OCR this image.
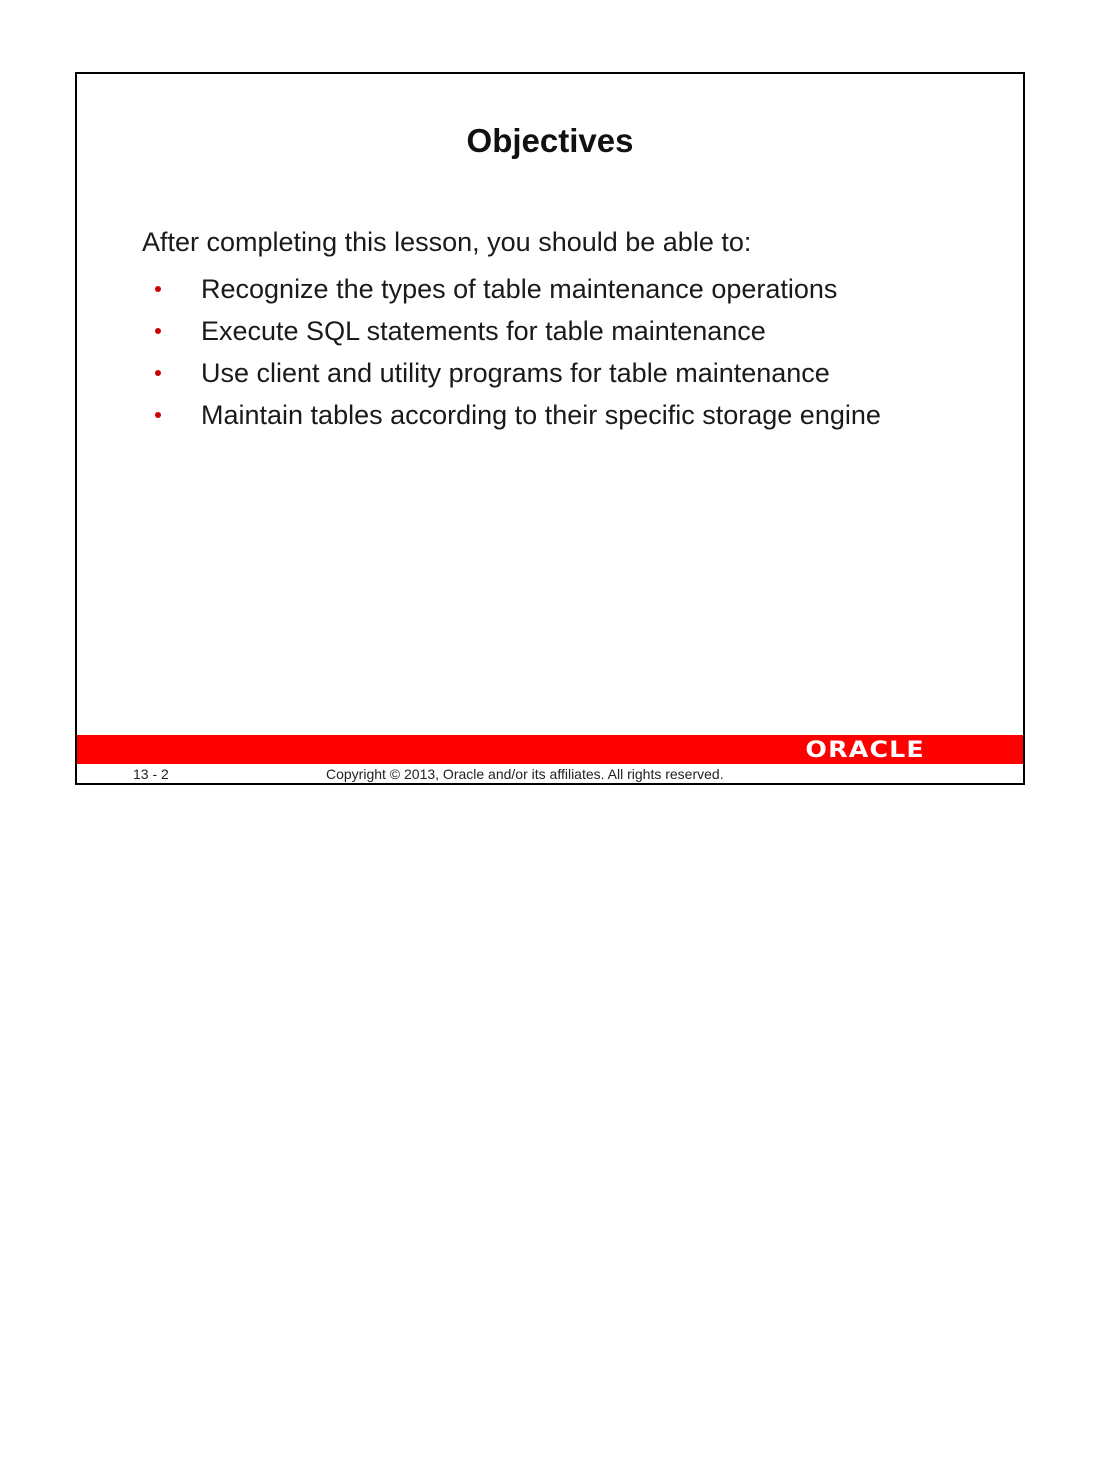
Objectives
After completing this lesson, you should be able to:
Recognize the types of table maintenance operations
Execute SQL statements for table maintenance
Use client and utility programs for table maintenance
Maintain tables according to their specific storage engine
ORACLE
13 - 2	Copyright © 2013, Oracle and/or its affiliates. All rights reserved.
